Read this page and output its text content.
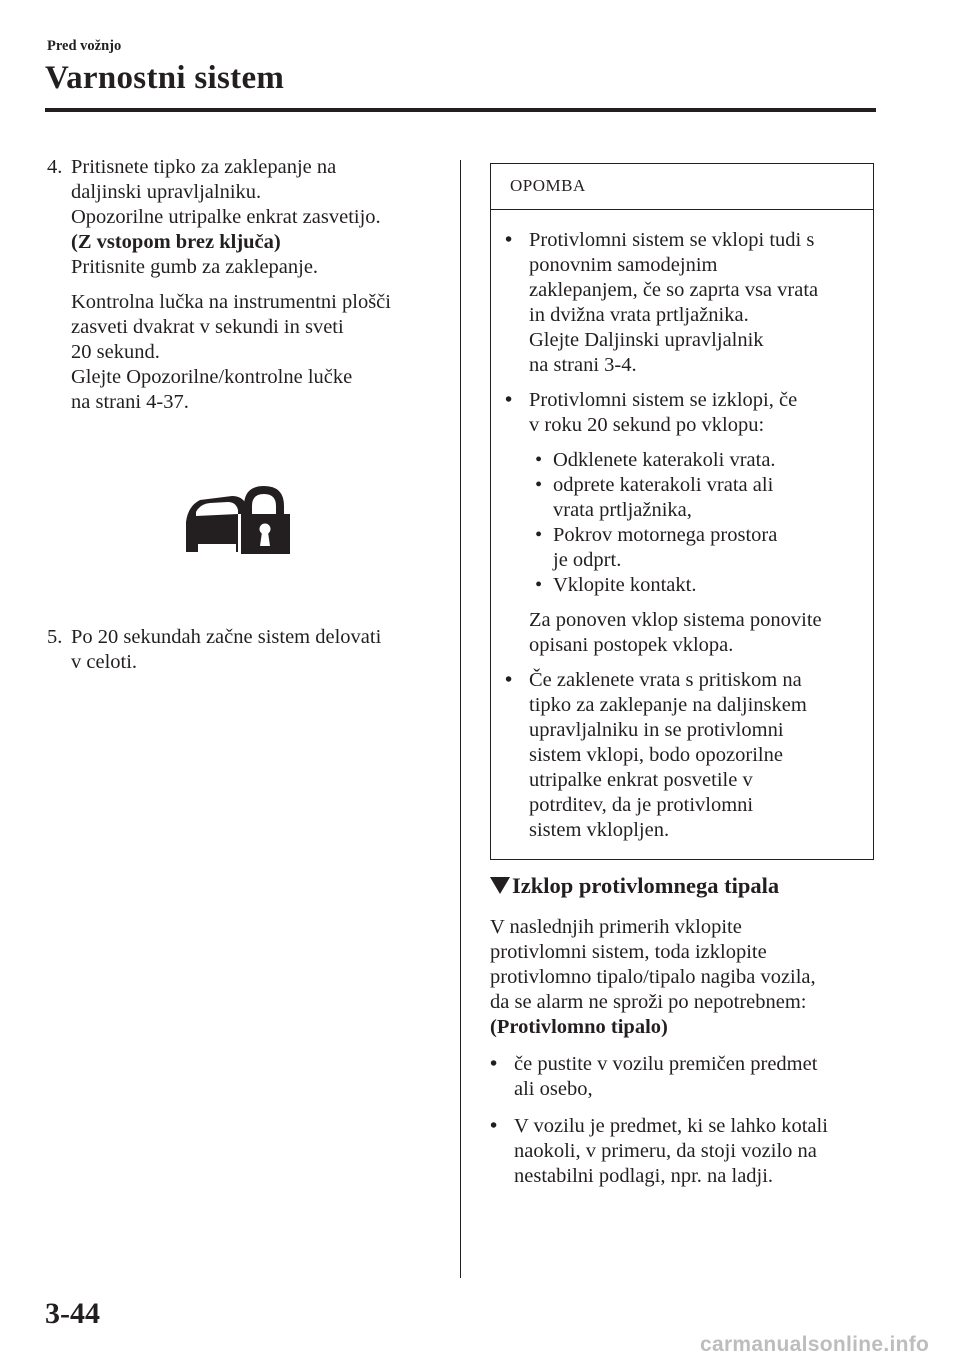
Pred vožnjo
Varnostni sistem
4. Pritisnete tipko za zaklepanje na

daljinski upravljalniku.

Opozorilne utripalke enkrat zasvetijo.

(Z vstopom brez ključa)

Pritisnite gumb za zaklepanje.

Kontrolna lučka na instrumentni plošči

zasveti dvakrat v sekundi in sveti

20 sekund.

Glejte Opozorilne/kontrolne lučke

na strani 4-37.

5. Po 20 sekundah začne sistem delovati
v celoti.
OPOMBA
• Protivlomni sistem se vklopi tudi s

ponovnim samodejnim

zaklepanjem, če so zaprta vsa vrata

in dvižna vrata prtljažnika.

Glejte Daljinski upravljalnik

na strani 3-4.

• Protivlomni sistem se izklopi, če

v roku 20 sekund po vklopu:

• Odklenete katerakoli vrata.
• odprete katerakoli vrata ali
vrata prtljažnika,
• Pokrov motornega prostora
je odprt.
• Vklopite kontakt.

Za ponoven vklop sistema ponovite

opisani postopek vklopa.

• Če zaklenete vrata s pritiskom na

tipko za zaklepanje na daljinskem

upravljalniku in se protivlomni

sistem vklopi, bodo opozorilne

utripalke enkrat posvetile v

potrditev, da je protivlomni

sistem vklopljen.

Izklop protivlomnega tipala

V naslednjih primerih vklopite

protivlomni sistem, toda izklopite

protivlomno tipalo/tipalo nagiba vozila,

da se alarm ne sproži po nepotrebnem:

(Protivlomno tipalo)

• če pustite v vozilu premičen predmet

ali osebo,

• V vozilu je predmet, ki se lahko kotali

naokoli, v primeru, da stoji vozilo na

nestabilni podlagi, npr. na ladji.

3-44
carmanualsonline.info
